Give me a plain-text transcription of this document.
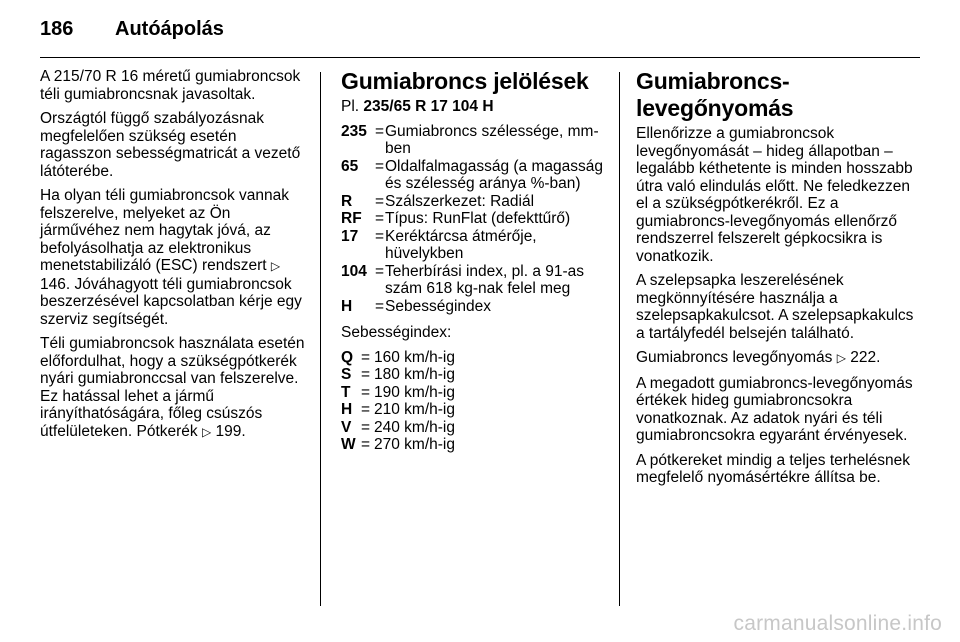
186 Autóápolás

A 215/70 R 16 méretű gumiabroncsok téli gumiabroncsnak javasoltak.

Országtól függő szabályozásnak megfelelően szükség esetén ragasszon sebességmatricát a vezető látóterébe.

Ha olyan téli gumiabroncsok vannak felszerelve, melyeket az Ön járművéhez nem hagytak jóvá, az befolyásolhatja az elektronikus menetstabilizáló (ESC) rendszert ▷ 146. Jóváhagyott téli gumiabroncsok beszerzésével kapcsolatban kérje egy szerviz segítségét.

Téli gumiabroncsok használata esetén előfordulhat, hogy a szükségpótkerék nyári gumiabronccsal van felszerelve. Ez hatással lehet a jármű irányíthatóságára, főleg csúszós útfelületeken. Pótkerék ▷ 199.

Gumiabroncs jelölések

Pl. 235/65 R 17 104 H

235 = Gumiabroncs szélessége, mm-ben
65	= Oldalfalmagasság (a magasság és szélesség aránya %-ban)
R	= Szálszerkezet: Radiál
RF = Típus: RunFlat (defekttűrő)
17	= Keréktárcsa átmérője, hüvelykben
104 = Teherbírási index, pl. a 91-as szám 618 kg-nak felel meg
H	= Sebességindex

Sebességindex:

Q = 160 km/h-ig
S = 180 km/h-ig
T = 190 km/h-ig
H = 210 km/h-ig
V = 240 km/h-ig
W = 270 km/h-ig
Gumiabroncs-
levegőnyomás

Ellenőrizze a gumiabroncsok levegőnyomását – hideg állapotban – legalább kéthetente is minden hosszabb útra való elindulás előtt. Ne feledkezzen el a szükségpótkerékről. Ez a gumiabroncs-levegőnyomás ellenőrző rendszerrel felszerelt gépkocsikra is vonatkozik.

A szelepsapka leszerelésének megkönnyítésére használja a szelepsapkakulcsot. A szelepsapkakulcs a tartályfedél belsején található.

Gumiabroncs levegőnyomás ▷ 222.

A megadott gumiabroncs-levegőnyomás értékek hideg gumiabroncsokra vonatkoznak. Az adatok nyári és téli gumiabroncsokra egyaránt érvényesek.

A pótkereket mindig a teljes terhelésnek megfelelő nyomásértékre állítsa be.

carmanualsonline.info
